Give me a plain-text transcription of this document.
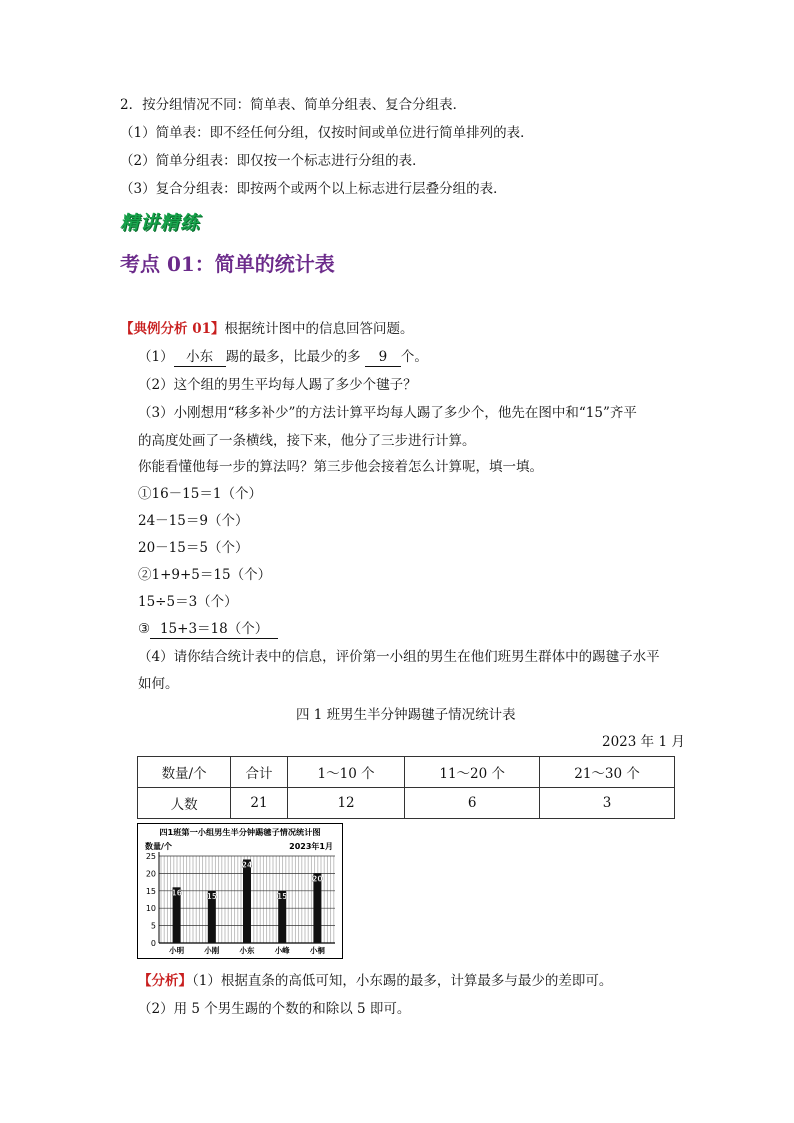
2．按分组情况不同：简单表、简单分组表、复合分组表．
（1）简单表：即不经任何分组，仅按时间或单位进行简单排列的表．
（2）简单分组表：即仅按一个标志进行分组的表．
（3）复合分组表：即按两个或两个以上标志进行层叠分组的表．
精讲精练
考点 01：简单的统计表
【典例分析 01】根据统计图中的信息回答问题。
（1） 小东 踢的最多，比最少的多 9 个。
（2）这个组的男生平均每人踢了多少个毽子？
（3）小刚想用“移多补少”的方法计算平均每人踢了多少个，他先在图中和“15”齐平
的高度处画了一条横线，接下来，他分了三步进行计算。
你能看懂他每一步的算法吗？第三步他会接着怎么计算呢，填一填。
①16－15＝1（个）
24－15＝9（个）
20－15＝5（个）
②1+9+5＝15（个）
15÷5＝3（个）
③ 15+3＝18（个）
（4）请你结合统计表中的信息，评价第一小组的男生在他们班男生群体中的踢毽子水平
如何。
四 1 班男生半分钟踢毽子情况统计表
2023 年 1 月
数量/个	合计	1～10 个	11～20 个	21～30 个
人数	21	12	6	3
四1班第一小组男生半分钟踢毽子情况统计图
数量/个	2023年1月
0
5
10
15
20
25
16
小明
15
小刚
24
小东
15
小峰
20
小桐
【分析】（1）根据直条的高低可知，小东踢的最多，计算最多与最少的差即可。
（2）用 5 个男生踢的个数的和除以 5 即可。
